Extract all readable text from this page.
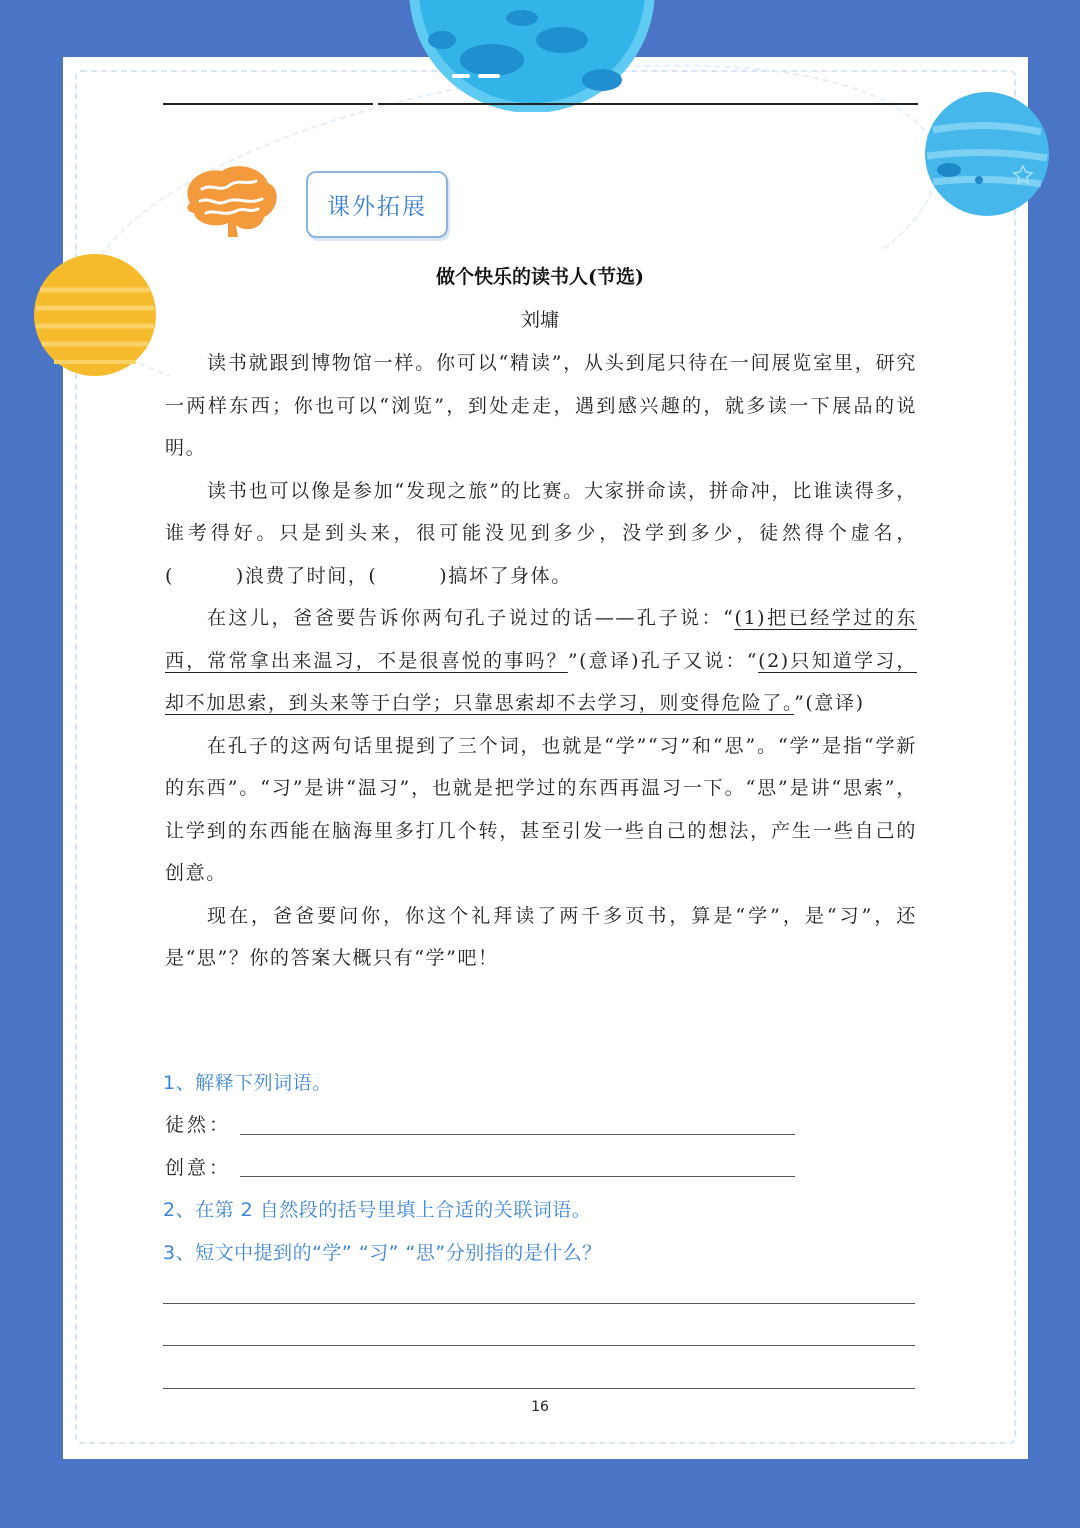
课外拓展
做个快乐的读书人(节选)
刘墉

读书就跟到博物馆一样。你可以“精读”，从头到尾只待在一间展览室里，研究一两样东西；你也可以“浏览”，到处走走，遇到感兴趣的，就多读一下展品的说明。

读书也可以像是参加“发现之旅”的比赛。大家拼命读，拼命冲，比谁读得多，谁考得好。只是到头来，很可能没见到多少，没学到多少，徒然得个虚名，(　　　)浪费了时间，(　　　)搞坏了身体。

在这儿，爸爸要告诉你两句孔子说过的话——孔子说：“(1)把已经学过的东西，常常拿出来温习，不是很喜悦的事吗？”(意译)孔子又说：“(2)只知道学习，却不加思索，到头来等于白学；只靠思索却不去学习，则变得危险了。”(意译)

在孔子的这两句话里提到了三个词，也就是“学”“习”和“思”。“学”是指“学新的东西”。“习”是讲“温习”，也就是把学过的东西再温习一下。“思”是讲“思索”，让学到的东西能在脑海里多打几个转，甚至引发一些自己的想法，产生一些自己的创意。

现在，爸爸要问你，你这个礼拜读了两千多页书，算是“学”，是“习”，还是“思”？你的答案大概只有“学”吧！

1、解释下列词语。
徒然：
创意：
2、在第 2 自然段的括号里填上合适的关联词语。
3、短文中提到的“学” “习” “思”分别指的是什么？
16
